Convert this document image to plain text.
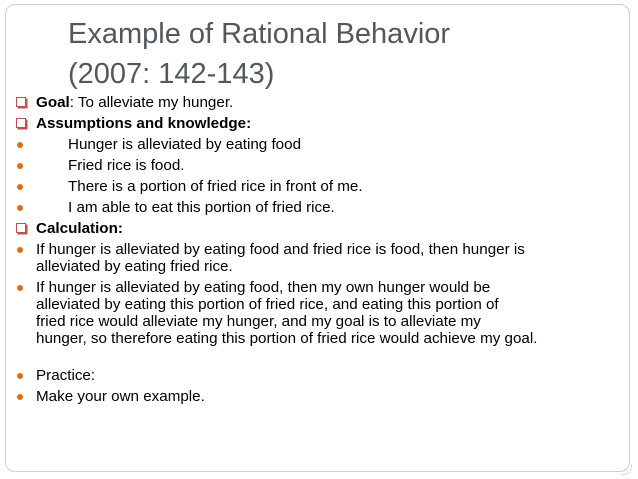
Example of Rational Behavior
(2007: 142-143)

Goal: To alleviate my hunger.

Assumptions and knowledge:

Hunger is alleviated by eating food

Fried rice is food.

There is a portion of fried rice in front of me.

I am able to eat this portion of fried rice.

Calculation:

If hunger is alleviated by eating food and fried rice is food, then hunger is
alleviated by eating fried rice.

If hunger is alleviated by eating food, then my own hunger would be
alleviated by eating this portion of fried rice, and eating this portion of
fried rice would alleviate my hunger, and my goal is to alleviate my
hunger, so therefore eating this portion of fried rice would achieve my goal.

Practice:

Make your own example.
